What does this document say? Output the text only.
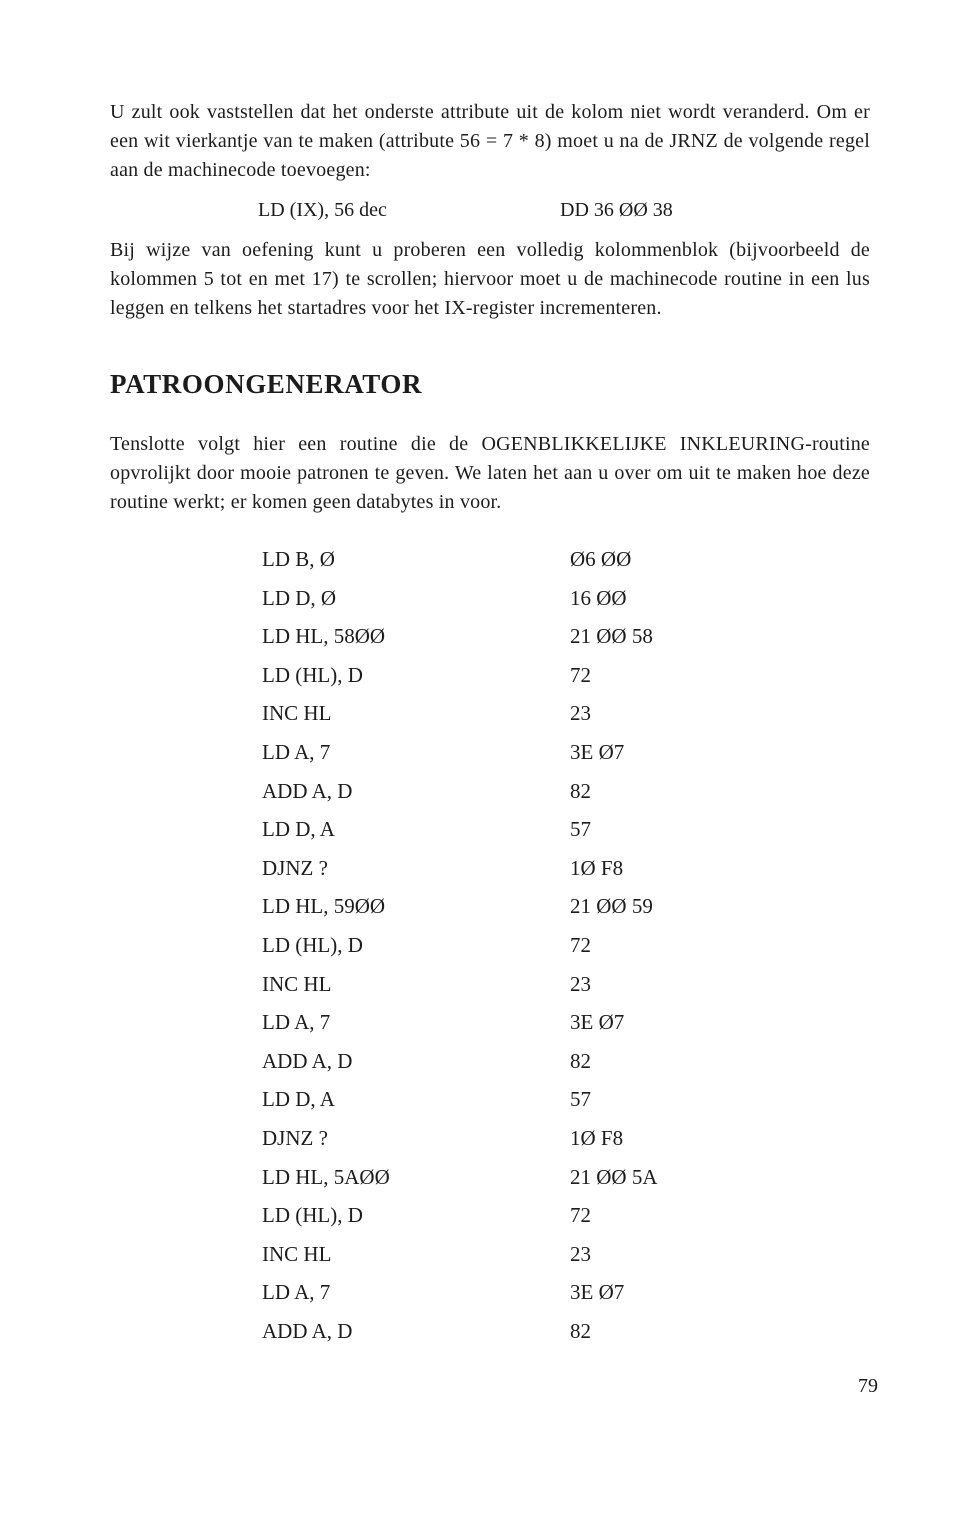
U zult ook vaststellen dat het onderste attribute uit de kolom niet wordt veranderd. Om er een wit vierkantje van te maken (attribute 56 = 7 * 8) moet u na de JRNZ de volgende regel aan de machinecode toevoegen:

LD (IX), 56 dec	DD 36 ØØ 38

Bij wijze van oefening kunt u proberen een volledig kolommenblok (bijvoorbeeld de kolommen 5 tot en met 17) te scrollen; hiervoor moet u de machinecode routine in een lus leggen en telkens het startadres voor het IX-register incrementeren.

PATROONGENERATOR

Tenslotte volgt hier een routine die de OGENBLIKKELIJKE INKLEURING-routine opvrolijkt door mooie patronen te geven. We laten het aan u over om uit te maken hoe deze routine werkt; er komen geen databytes in voor.

LD B, Ø	Ø6 ØØ
LD D, Ø	16 ØØ
LD HL, 58ØØ	21 ØØ 58
LD (HL), D	72
INC HL	23
LD A, 7	3E Ø7
ADD A, D	82
LD D, A	57
DJNZ ?	1Ø F8
LD HL, 59ØØ	21 ØØ 59
LD (HL), D	72
INC HL	23
LD A, 7	3E Ø7
ADD A, D	82
LD D, A	57
DJNZ ?	1Ø F8
LD HL, 5AØØ	21 ØØ 5A
LD (HL), D	72
INC HL	23
LD A, 7	3E Ø7
ADD A, D	82
79
